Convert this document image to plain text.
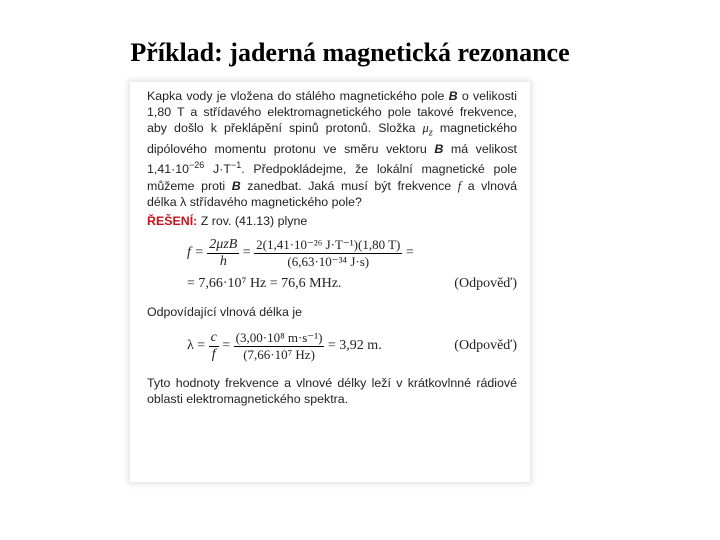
Příklad: jaderná magnetická rezonance
Kapka vody je vložena do stálého magnetického pole B o velikosti 1,80 T a střídavého elektromagnetického pole takové frekvence, aby došlo k překlápění spinů protonů. Složka $\mu_z$ magnetického dipólového momentu protonu ve směru vektoru B má velikost $1,41\cdot 10^{-26}$ $J\cdot T^{-1}$. Předpokládejme, že lokální magnetické pole můžeme proti B zanedbat. Jaká musí být frekvence f a vlnová délka λ střídavého magnetického pole?
ŘEŠENÍ: Z rov. (41.13) plyne
f =
$\frac{\text{2μzB}}{h}$
=
$\frac{\text{2(1,41·10⁻²⁶ J·T⁻¹)(1,80 T)}}{\text{(6,63·10⁻³⁴ J·s)}}$
=
= 7,66·10⁷ Hz = 76,6 MHz.	(Odpověď)
Odpovídající vlnová délka je
λ =
$\frac{c}{f}$
=
$\frac{\text{(3,00·10⁸ m·s⁻¹)}}{\text{(7,66·10⁷ Hz)}}$
= 3,92 m.	(Odpověď)
Tyto hodnoty frekvence a vlnové délky leží v krátkovlnné rádiové oblasti elektromagnetického spektra.
